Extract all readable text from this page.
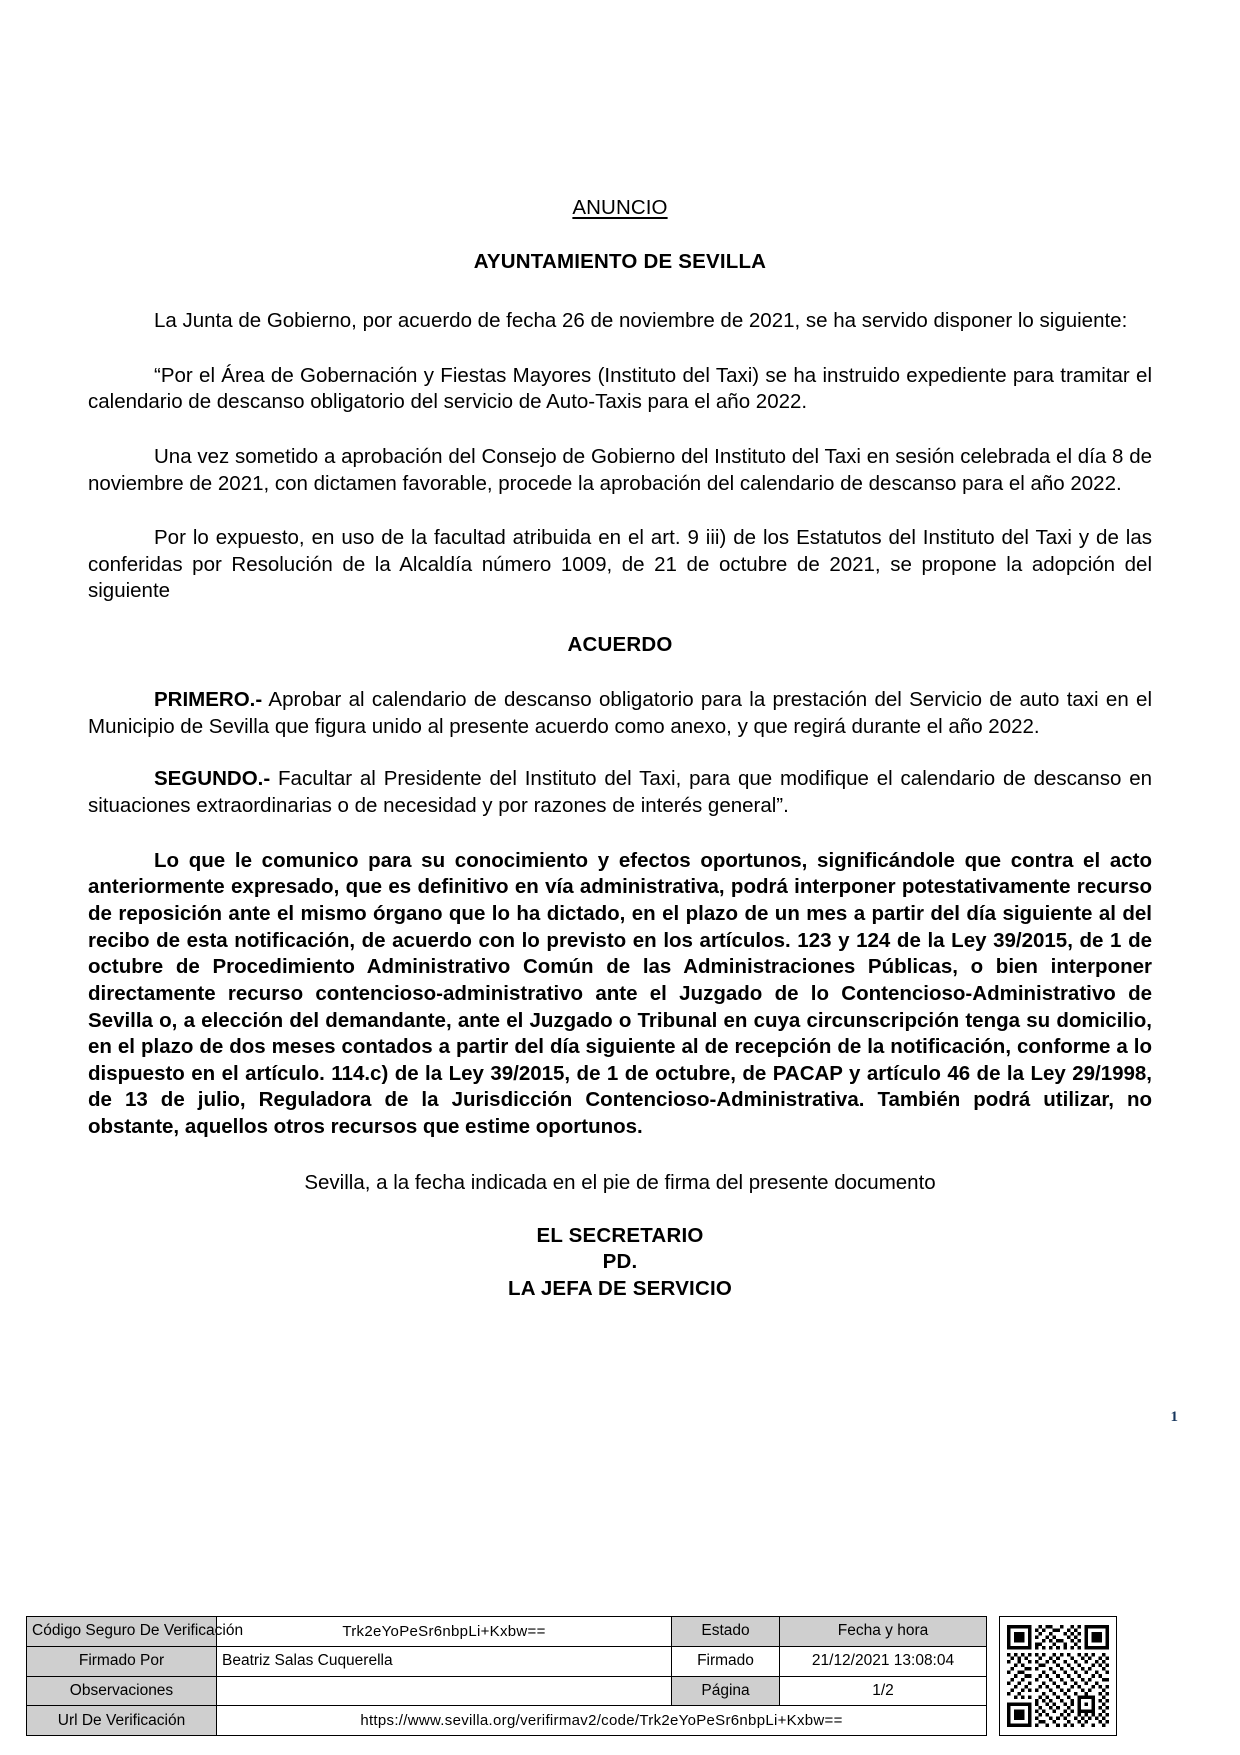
ANUNCIO
AYUNTAMIENTO DE SEVILLA

La Junta de Gobierno, por acuerdo de fecha 26 de noviembre de 2021, se ha servido disponer lo siguiente:

“Por el Área de Gobernación y Fiestas Mayores (Instituto del Taxi) se ha instruido expediente para tramitar el calendario de descanso obligatorio del servicio de Auto-Taxis para el año 2022.

Una vez sometido a aprobación del Consejo de Gobierno del Instituto del Taxi en sesión celebrada el día 8 de noviembre de 2021, con dictamen favorable, procede la aprobación del calendario de descanso para el año 2022.

Por lo expuesto, en uso de la facultad atribuida en el art. 9 iii) de los Estatutos del Instituto del Taxi y de las conferidas por Resolución de la Alcaldía número 1009, de 21 de octubre de 2021, se propone la adopción del siguiente

ACUERDO

PRIMERO.- Aprobar al calendario de descanso obligatorio para la prestación del Servicio de auto taxi en el Municipio de Sevilla que figura unido al presente acuerdo como anexo, y que regirá durante el año 2022.

SEGUNDO.- Facultar al Presidente del Instituto del Taxi, para que modifique el calendario de descanso en situaciones extraordinarias o de necesidad y por razones de interés general”.

Lo que le comunico para su conocimiento y efectos oportunos, significándole que contra el acto anteriormente expresado, que es definitivo en vía administrativa, podrá interponer potestativamente recurso de reposición ante el mismo órgano que lo ha dictado, en el plazo de un mes a partir del día siguiente al del recibo de esta notificación, de acuerdo con lo previsto en los artículos. 123 y 124 de la Ley 39/2015, de 1 de octubre de Procedimiento Administrativo Común de las Administraciones Públicas, o bien interponer directamente recurso contencioso-administrativo ante el Juzgado de lo Contencioso-Administrativo de Sevilla o, a elección del demandante, ante el Juzgado o Tribunal en cuya circunscripción tenga su domicilio, en el plazo de dos meses contados a partir del día siguiente al de recepción de la notificación, conforme a lo dispuesto en el artículo. 114.c) de la Ley 39/2015, de 1 de octubre, de PACAP y artículo 46 de la Ley 29/1998, de 13 de julio, Reguladora de la Jurisdicción Contencioso-Administrativa. También podrá utilizar, no obstante, aquellos otros recursos que estime oportunos.

Sevilla, a la fecha indicada en el pie de firma del presente documento
EL SECRETARIO
PD.
LA JEFA DE SERVICIO
1
Código Seguro De Verificación	Trk2eYoPeSr6nbpLi+Kxbw==	Estado	Fecha y hora
Firmado Por	Beatriz Salas Cuquerella	Firmado	21/12/2021 13:08:04
Observaciones		Página	1/2
Url De Verificación	https://www.sevilla.org/verifirmav2/code/Trk2eYoPeSr6nbpLi+Kxbw==		
